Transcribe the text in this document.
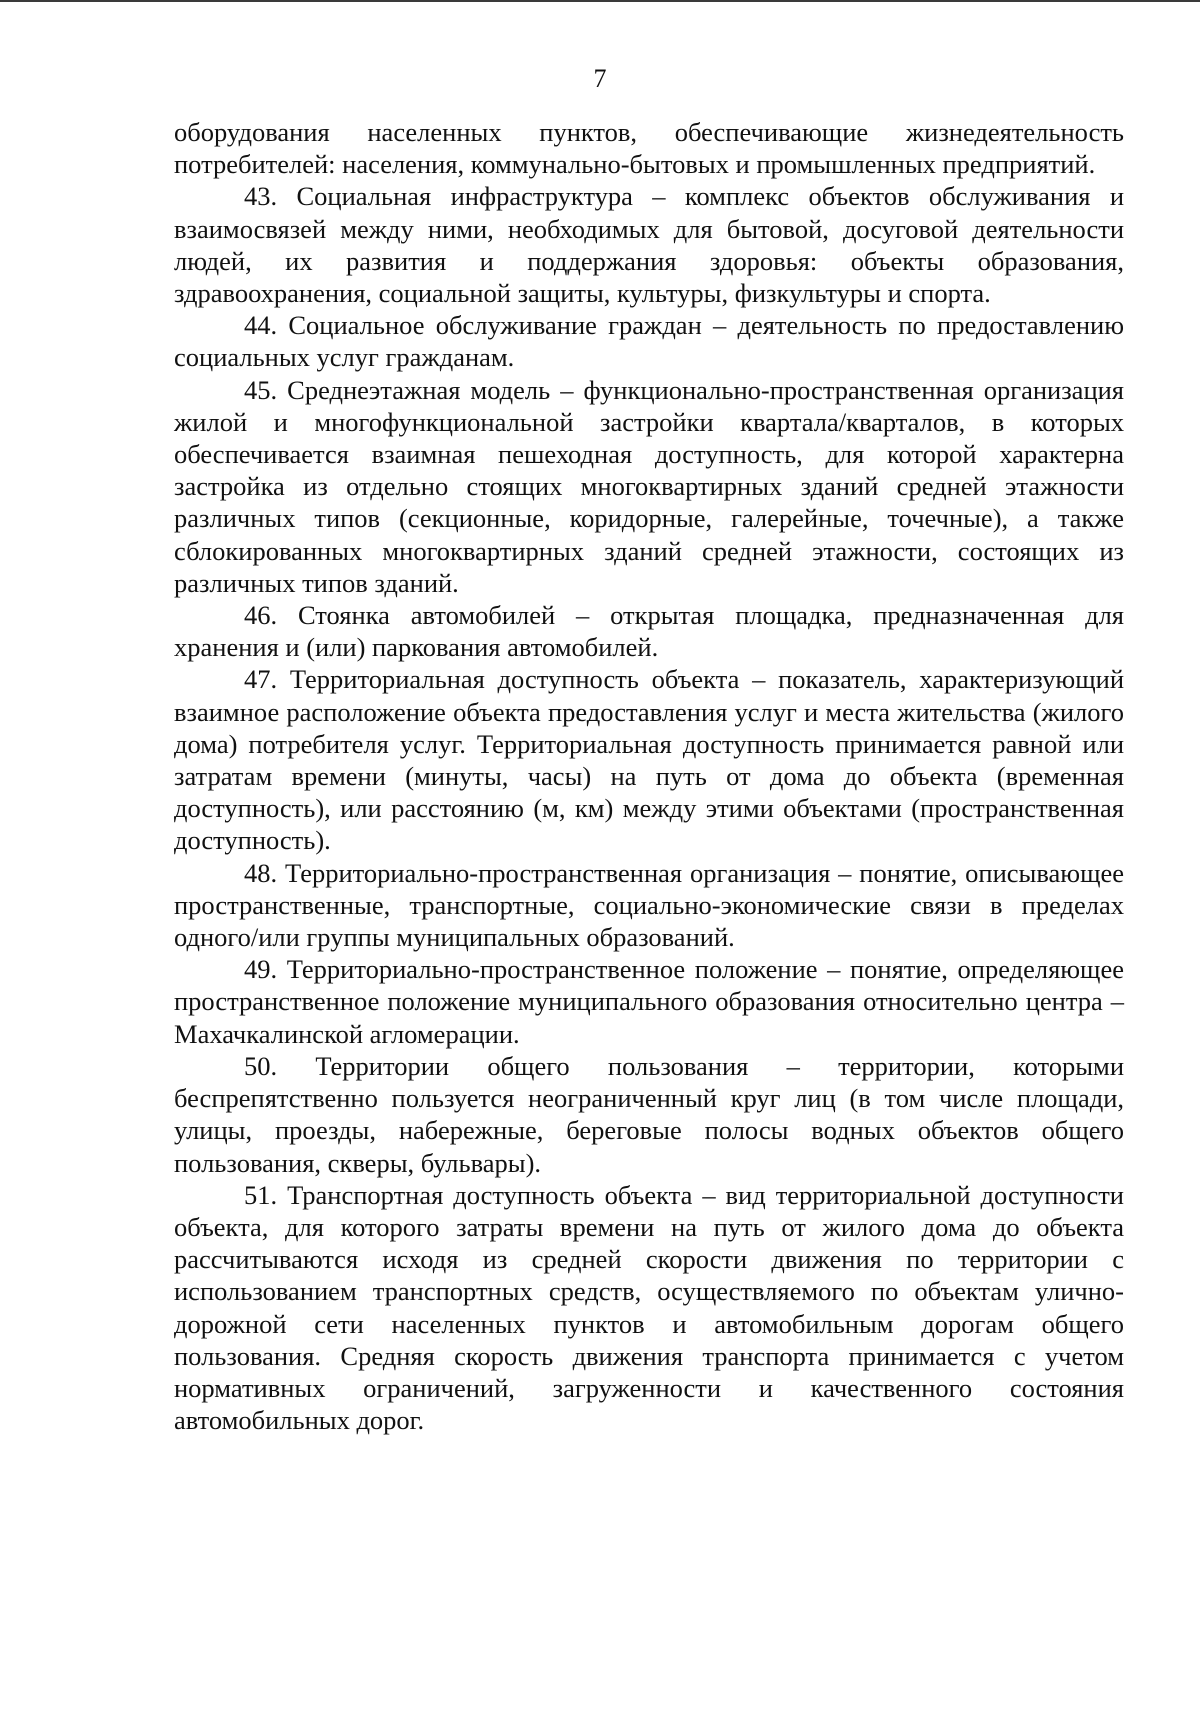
7

оборудования населенных пунктов, обеспечивающие жизнедеятельность потребителей: населения, коммунально-бытовых и промышленных предприятий.

43. Социальная инфраструктура – комплекс объектов обслуживания и взаимосвязей между ними, необходимых для бытовой, досуговой деятельности людей, их развития и поддержания здоровья: объекты образования, здравоохранения, социальной защиты, культуры, физкультуры и спорта.

44. Социальное обслуживание граждан – деятельность по предоставлению социальных услуг гражданам.

45. Среднеэтажная модель – функционально-пространственная организация жилой и многофункциональной застройки квартала/кварталов, в которых обеспечивается взаимная пешеходная доступность, для которой характерна застройка из отдельно стоящих многоквартирных зданий средней этажности различных типов (секционные, коридорные, галерейные, точечные), а также сблокированных многоквартирных зданий средней этажности, состоящих из различных типов зданий.

46. Стоянка автомобилей – открытая площадка, предназначенная для хранения и (или) паркования автомобилей.

47. Территориальная доступность объекта – показатель, характеризующий взаимное расположение объекта предоставления услуг и места жительства (жилого дома) потребителя услуг. Территориальная доступность принимается равной или затратам времени (минуты, часы) на путь от дома до объекта (временная доступность), или расстоянию (м, км) между этими объектами (пространственная доступность).

48. Территориально-пространственная организация – понятие, описывающее пространственные, транспортные, социально-экономические связи в пределах одного/или группы муниципальных образований.

49. Территориально-пространственное положение – понятие, определяющее пространственное положение муниципального образования относительно центра – Махачкалинской агломерации.

50. Территории общего пользования – территории, которыми беспрепятственно пользуется неограниченный круг лиц (в том числе площади, улицы, проезды, набережные, береговые полосы водных объектов общего пользования, скверы, бульвары).

51. Транспортная доступность объекта – вид территориальной доступности объекта, для которого затраты времени на путь от жилого дома до объекта рассчитываются исходя из средней скорости движения по территории с использованием транспортных средств, осуществляемого по объектам улично-дорожной сети населенных пунктов и автомобильным дорогам общего пользования. Средняя скорость движения транспорта принимается с учетом нормативных ограничений, загруженности и качественного состояния автомобильных дорог.
